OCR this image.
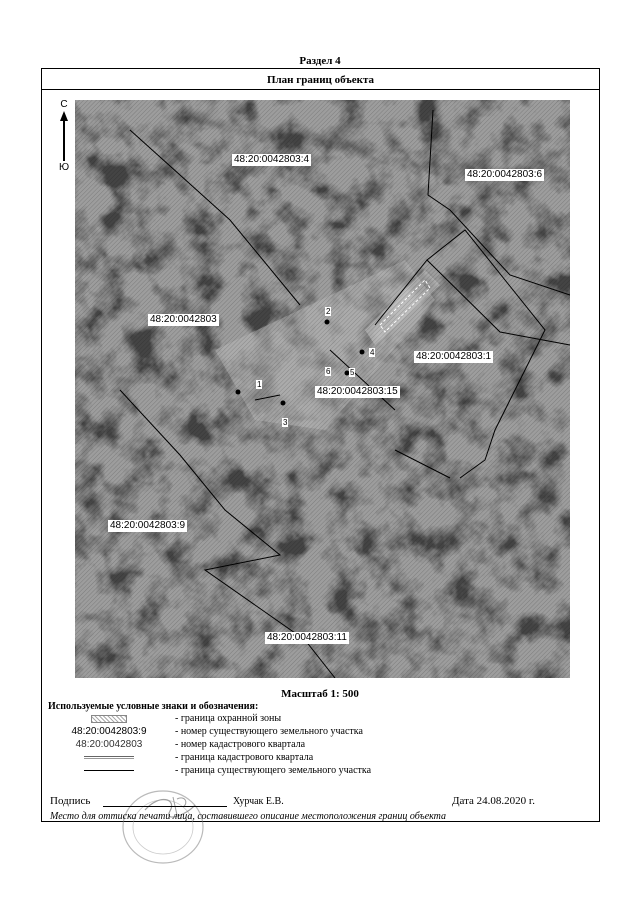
Раздел 4
План границ объекта
С
Ю
48:20:0042803:4
48:20:0042803:6
48:20:0042803
48:20:0042803:1
48:20:0042803:15
48:20:0042803:9
48:20:0042803:11
1
2
3
4
5
6
Масштаб 1: 500
Используемые условные знаки и обозначения:
- граница охранной зоны
48:20:0042803:9	- номер существующего земельного участка
48:20:0042803	- номер кадастрового квартала
- граница кадастрового квартала
- граница существующего земельного участка
Подпись	Хурчак Е.В.	Дата 24.08.2020 г.
Место для оттиска печати лица, составившего описание местоположения границ объекта
